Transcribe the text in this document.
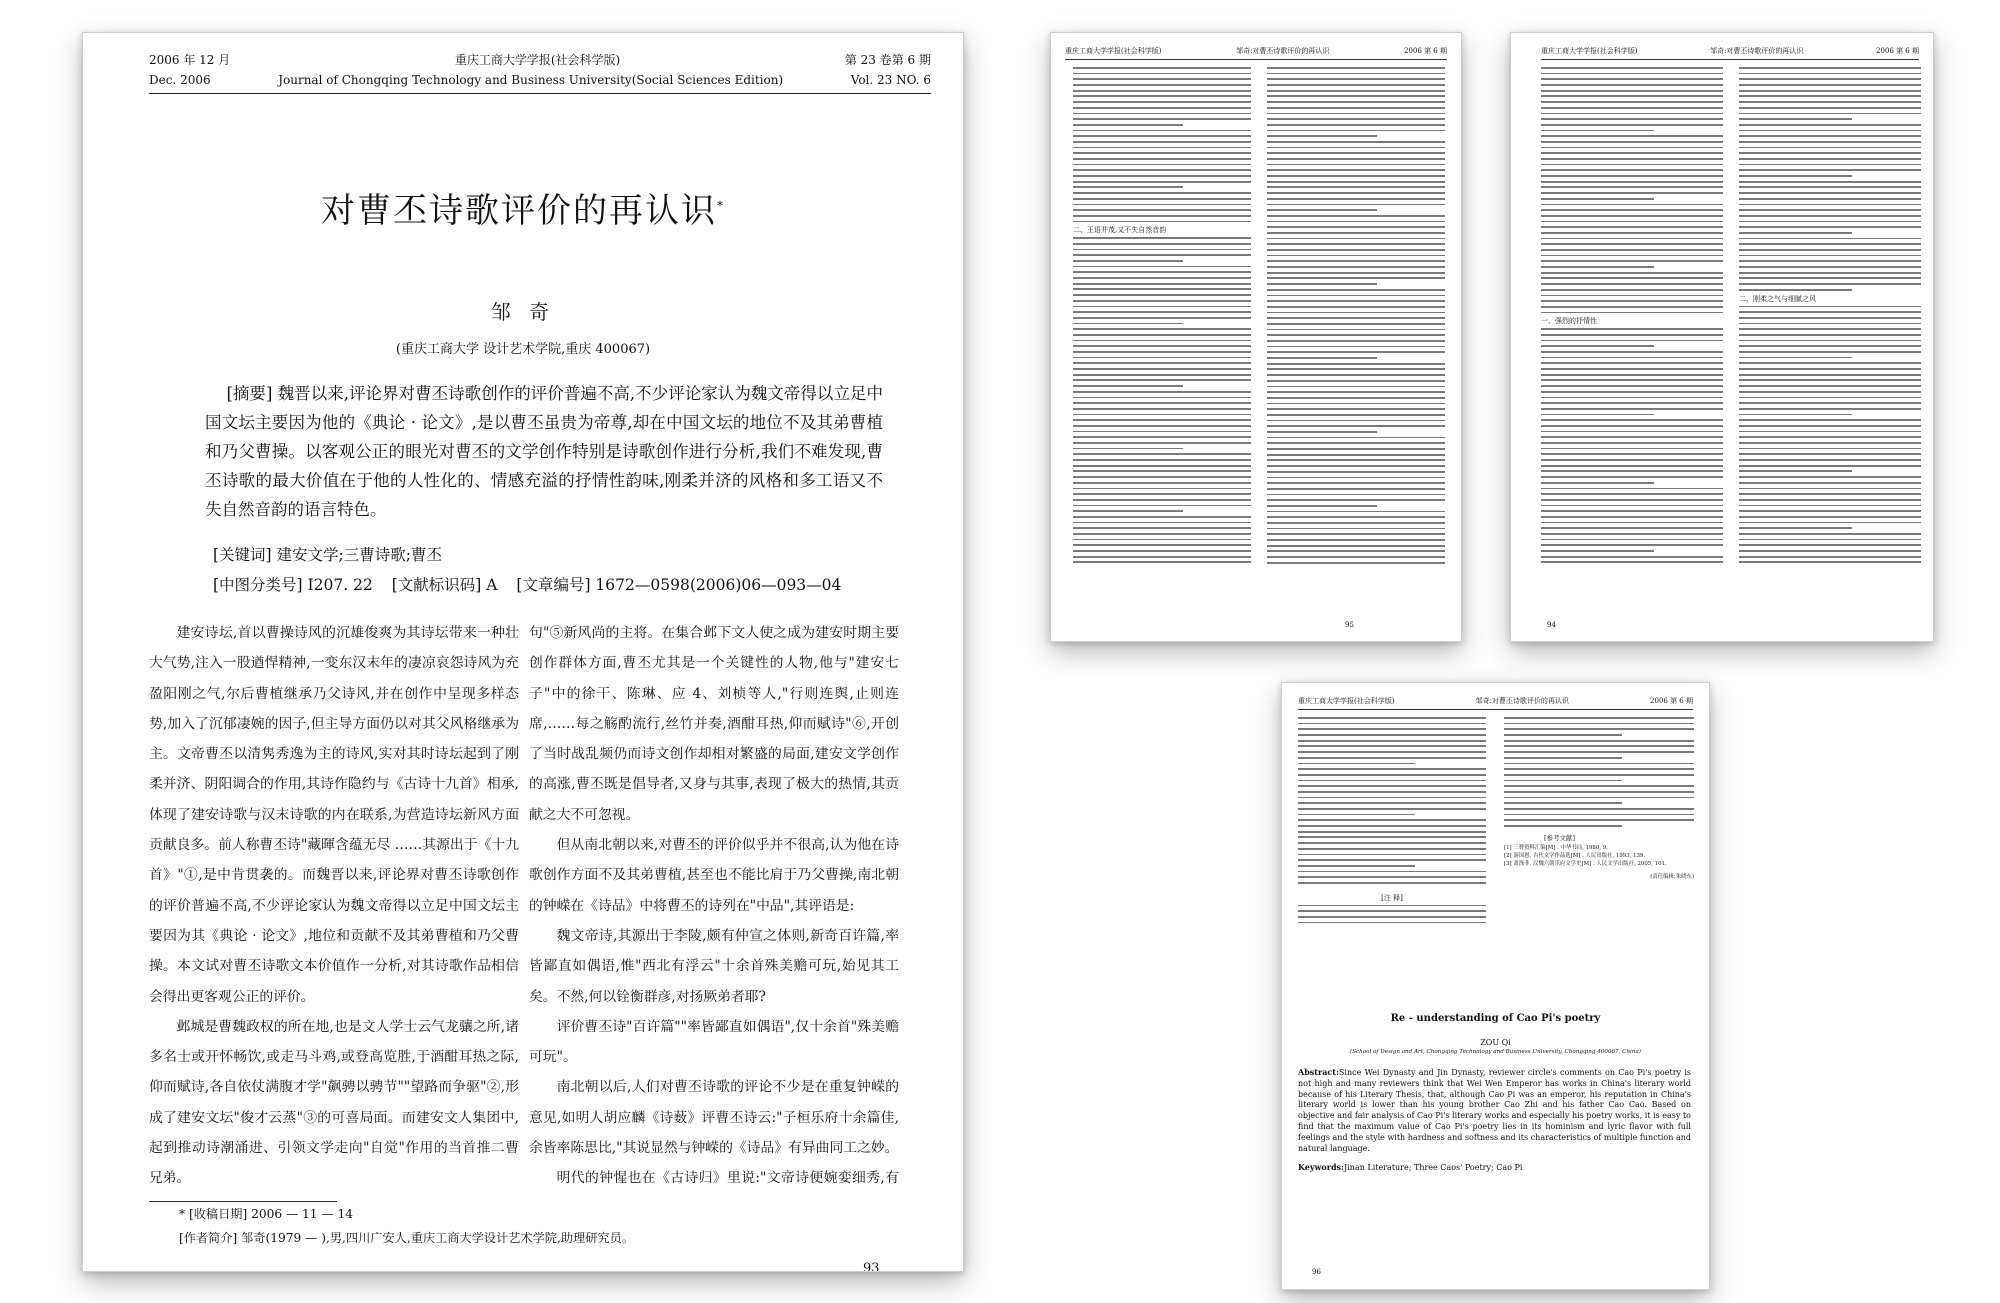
2006 年 12 月	重庆工商大学学报(社会科学版)	第 23 卷第 6 期
Dec. 2006	Journal of Chongqing Technology and Business University(Social Sciences Edition)	Vol. 23 NO. 6
对曹丕诗歌评价的再认识*
邹 奇
(重庆工商大学 设计艺术学院,重庆 400067)

[摘要] 魏晋以来,评论界对曹丕诗歌创作的评价普遍不高,不少评论家认为魏文帝得以立足中国文坛主要因为他的《典论 · 论文》,是以曹丕虽贵为帝尊,却在中国文坛的地位不及其弟曹植和乃父曹操。以客观公正的眼光对曹丕的文学创作特别是诗歌创作进行分析,我们不难发现,曹丕诗歌的最大价值在于他的人性化的、情感充溢的抒情性韵味,刚柔并济的风格和多工语又不失自然音韵的语言特色。

[关键词] 建安文学;三曹诗歌;曹丕
[中图分类号] I207. 22 [文献标识码] A [文章编号] 1672—0598(2006)06—093—04

建安诗坛,首以曹操诗风的沉雄俊爽为其诗坛带来一种壮大气势,注入一股遒悍精神,一变东汉末年的凄凉哀怨诗风为充盈阳刚之气,尔后曹植继承乃父诗风,并在创作中呈现多样态势,加入了沉郁凄婉的因子,但主导方面仍以对其父风格继承为主。文帝曹丕以清隽秀逸为主的诗风,实对其时诗坛起到了刚柔并济、阴阳调合的作用,其诗作隐约与《古诗十九首》相承,体现了建安诗歌与汉末诗歌的内在联系,为营造诗坛新风方面贡献良多。前人称曹丕诗"藏暉含蕴无尽 ……其源出于《十九首》"①,是中肯贯袭的。而魏晋以来,评论界对曹丕诗歌创作的评价普遍不高,不少评论家认为魏文帝得以立足中国文坛主要因为其《典论 · 论文》,地位和贡献不及其弟曹植和乃父曹操。本文试对曹丕诗歌文本价值作一分析,对其诗歌作品相信会得出更客观公正的评价。

邺城是曹魏政权的所在地,也是文人学士云气龙骧之所,诸多名士或开怀畅饮,或走马斗鸡,或登高览胜,于酒酣耳热之际,仰而赋诗,各自依仗满腹才学"飙骋以骋节""望路而争驱"②,形成了建安文坛"俊才云蒸"③的可喜局面。而建安文人集团中,起到推动诗潮涌进、引领文学走向"自觉"作用的当首推二曹兄弟。

句"⑤新风尚的主将。在集合邺下文人使之成为建安时期主要创作群体方面,曹丕尤其是一个关键性的人物,他与"建安七子"中的徐干、陈琳、应 4、刘桢等人,"行则连舆,止则连席,……每之觞酌流行,丝竹并奏,酒酣耳热,仰而赋诗"⑥,开创了当时战乱频仍而诗文创作却相对繁盛的局面,建安文学创作的高涨,曹丕既是倡导者,又身与其事,表现了极大的热情,其贡献之大不可忽视。

但从南北朝以来,对曹丕的评价似乎并不很高,认为他在诗歌创作方面不及其弟曹植,甚至也不能比肩于乃父曹操,南北朝的钟嵘在《诗品》中将曹丕的诗列在"中品",其评语是:

魏文帝诗,其源出于李陵,颇有仲宣之体则,新奇百许篇,率皆鄙直如偶语,惟"西北有浮云"十余首殊美赡可玩,始见其工矣。不然,何以铨衡群彦,对扬厥弟者耶?

评价曹丕诗"百许篇""率皆鄙直如偶语",仅十余首"殊美赡可玩"。

南北朝以后,人们对曹丕诗歌的评论不少是在重复钟嵘的意见,如明人胡应麟《诗薮》评曹丕诗云:"子桓乐府十余篇佳,余皆率陈思比,"其说显然与钟嵘的《诗品》有异曲同工之妙。

明代的钟惺也在《古诗归》里说:"文帝诗便婉娈细秀,有

* [收稿日期] 2006 — 11 — 14
[作者简介] 邹奇(1979 — ),男,四川广安人,重庆工商大学设计艺术学院,助理研究员。
93
重庆工商大学学报(社会科学版)	邹奇:对曹丕诗歌评价的再认识	2006 第 6 期
二、王语并茂,又不失自然音韵
95
重庆工商大学学报(社会科学版)	邹奇:对曹丕诗歌评价的再认识	2006 第 6 期
一、强烈的抒情性
二、刚柔之气与细腻之风
94
重庆工商大学学报(社会科学版)	邹奇:对曹丕诗歌评价的再认识	2006 第 6 期
[注 释]
[参考文献]
[1] 三曹资料汇编[M] . 中华书局, 1980, 9.
[2] 游国恩, 古代文学作品选[M] . 人民出版社, 1993, 139.
[3] 萧涤非. 汉魏六朝乐府文学史[M] . 人民文学出版社, 2005, 101.
(责任编辑:朱晓东)
Re - understanding of Cao Pi's poetry
ZOU Qi
(School of Design and Art, Chongqing Technology and Business University, Chongqing 400067, China)
Abstract:Since Wei Dynasty and Jin Dynasty, reviewer circle's comments on Cao Pi's poetry is not high and many reviewers think that Wei Wen Emperor has works in China's literary world because of his Literary Thesis, that, although Cao Pi was an emperor, his reputation in China's literary world is lower than his young brother Cao Zhi and his father Cao Cao. Based on objective and fair analysis of Cao Pi's literary works and especially his poetry works, it is easy to find that the maximum value of Cao Pi's poetry lies in its hominism and lyric flavor with full feelings and the style with hardness and softness and its characteristics of multiple function and natural language.
Keywords:Jinan Literature; Three Caos' Poetry; Cao Pi
96
